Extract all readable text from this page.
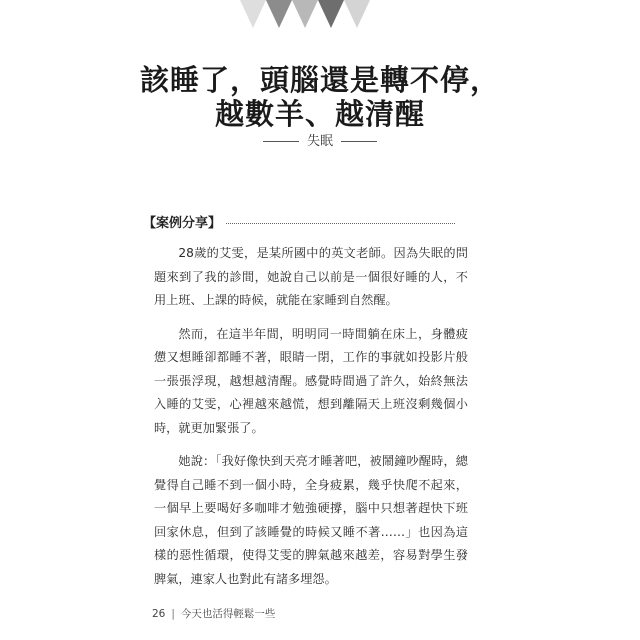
該睡了，頭腦還是轉不停，
越數羊、越清醒
失眠
【案例分享】

28歲的艾雯，是某所國中的英文老師。因為失眠的問題來到了我的診間，她說自己以前是一個很好睡的人，不用上班、上課的時候，就能在家睡到自然醒。

然而，在這半年間，明明同一時間躺在床上，身體疲憊又想睡卻都睡不著，眼睛一閉，工作的事就如投影片般一張張浮現，越想越清醒。感覺時間過了許久，始終無法入睡的艾雯，心裡越來越慌，想到離隔天上班沒剩幾個小時，就更加緊張了。

她說：「我好像快到天亮才睡著吧，被鬧鐘吵醒時，總覺得自己睡不到一個小時，全身疲累，幾乎快爬不起來，一個早上要喝好多咖啡才勉強硬撐，腦中只想著趕快下班回家休息，但到了該睡覺的時候又睡不著……」也因為這樣的惡性循環，使得艾雯的脾氣越來越差，容易對學生發脾氣，連家人也對此有諸多埋怨。

26 | 今天也活得輕鬆一些
